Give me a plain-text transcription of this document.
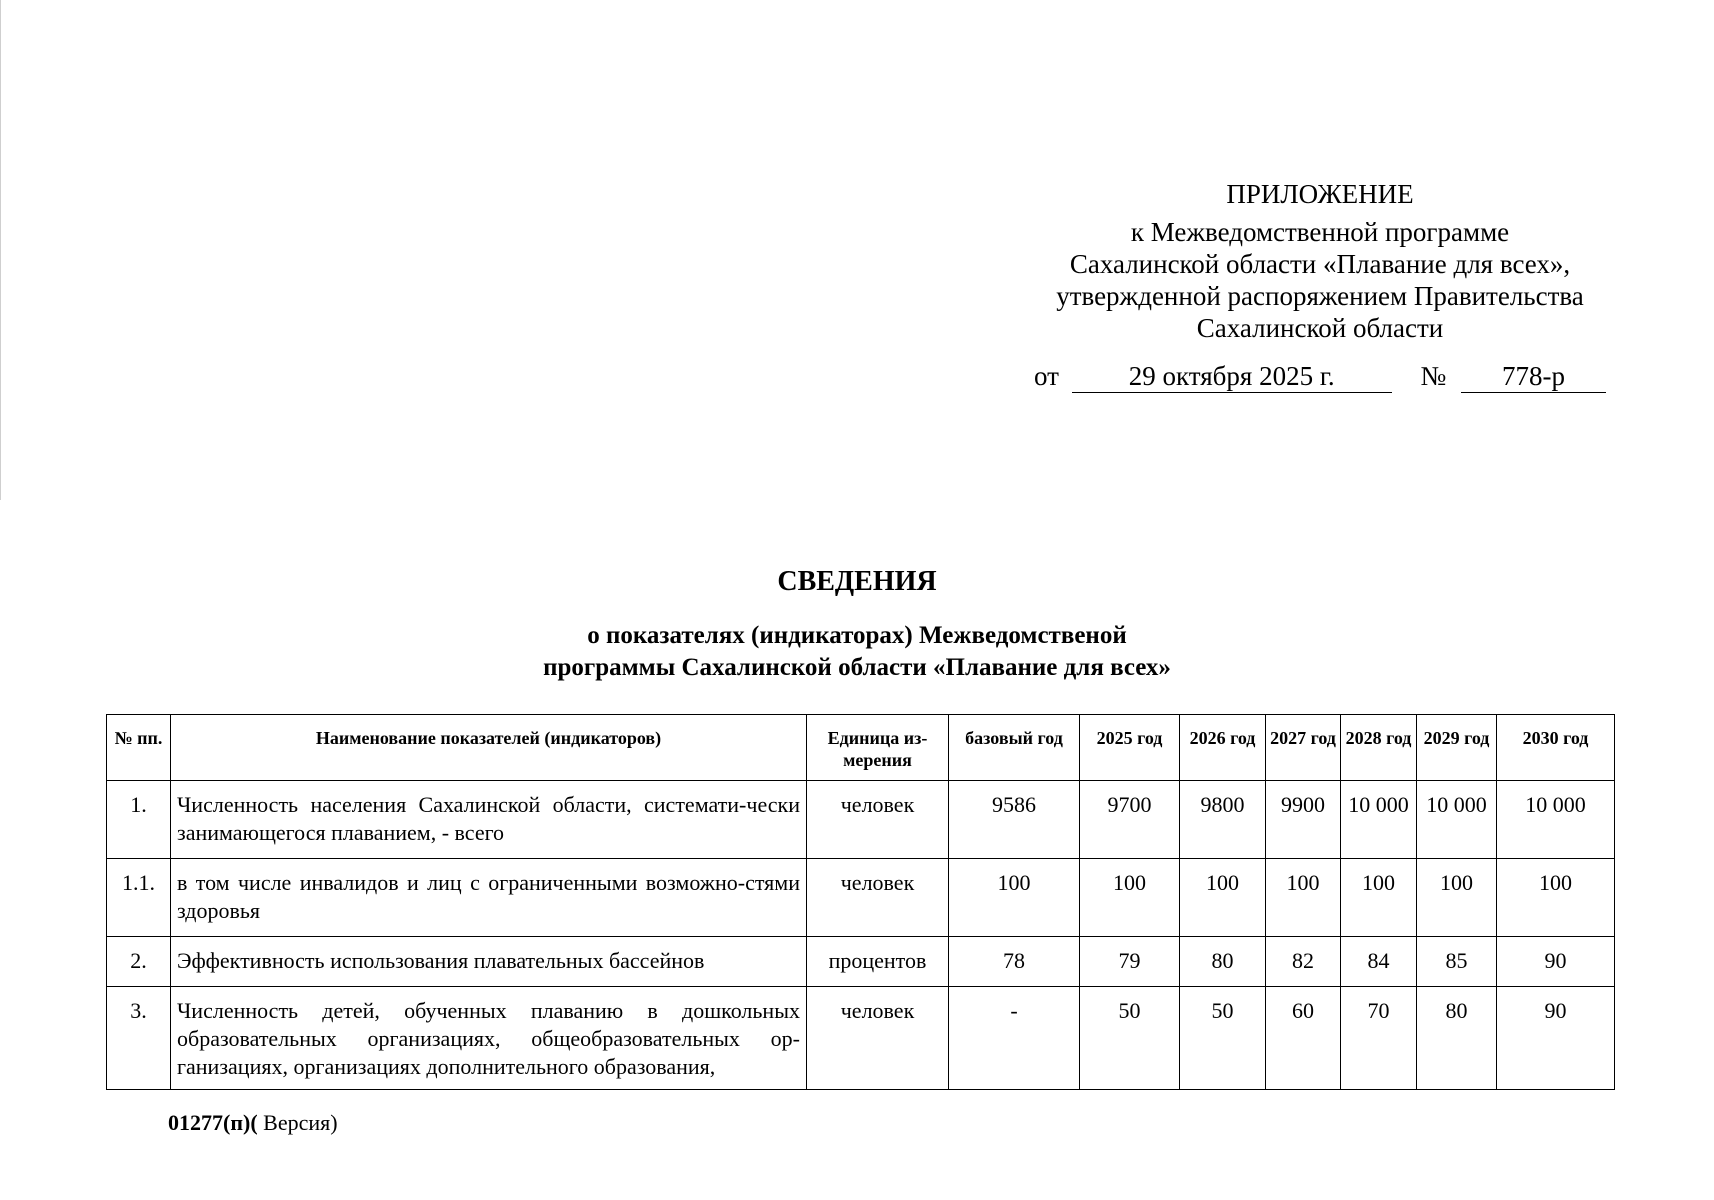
ПРИЛОЖЕНИЕ
к Межведомственной программе
Сахалинской области «Плавание для всех»,
утвержденной распоряжением Правительства
Сахалинской области
от	29 октября 2025 г.	№ 778-р
СВЕДЕНИЯ
о показателях (индикаторах) Межведомственой
программы Сахалинской области «Плавание для всех»
№ пп.	Наименование показателей (индикаторов)	Единица из-мерения	базовый год	2025 год	2026 год	2027 год	2028 год	2029 год	2030 год
1.	Численность населения Сахалинской области, системати-чески занимающегося плаванием, - всего	человек	9586	9700	9800	9900	10 000	10 000	10 000
1.1.	в том числе инвалидов и лиц с ограниченными возможно-стями здоровья	человек	100	100	100	100	100	100	100
2.	Эффективность использования плавательных бассейнов	процентов	78	79	80	82	84	85	90
3.	Численность детей, обученных плаванию в дошкольных образовательных организациях, общеобразовательных ор-ганизациях, организациях дополнительного образования,	человек	-	50	50	60	70	80	90
01277(п)( Версия)
